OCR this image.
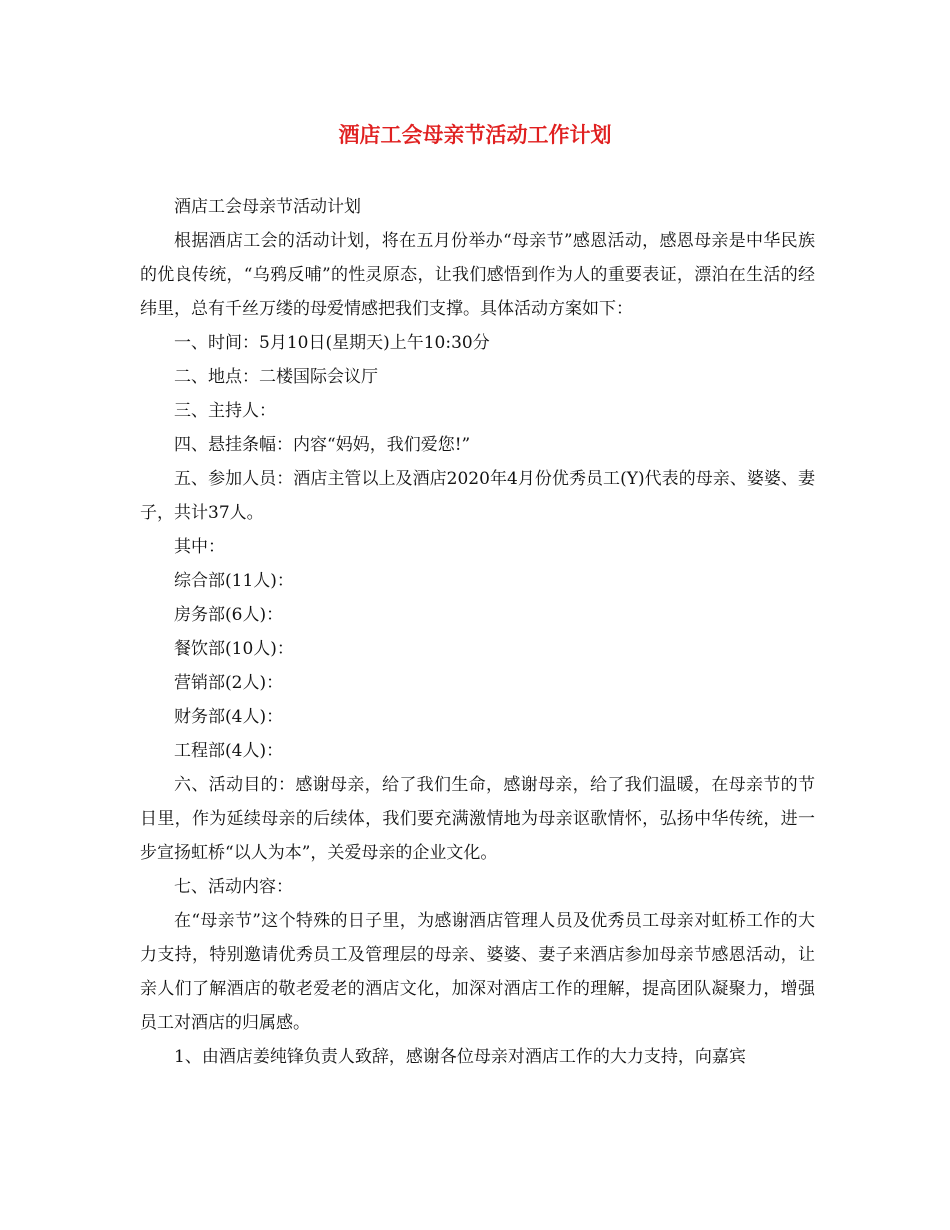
酒店工会母亲节活动工作计划

酒店工会母亲节活动计划

根据酒店工会的活动计划，将在五月份举办“母亲节”感恩活动，感恩母亲是中华民族的优良传统，“乌鸦反哺”的性灵原态，让我们感悟到作为人的重要表证，漂泊在生活的经纬里，总有千丝万缕的母爱情感把我们支撑。具体活动方案如下：

一、时间：5月10日(星期天)上午10:30分

二、地点：二楼国际会议厅

三、主持人：

四、悬挂条幅：内容“妈妈，我们爱您!”

五、参加人员：酒店主管以上及酒店2020年4月份优秀员工(Y)代表的母亲、婆婆、妻子，共计37人。

其中：

综合部(11人)：

房务部(6人)：

餐饮部(10人)：

营销部(2人)：

财务部(4人)：

工程部(4人)：

六、活动目的：感谢母亲，给了我们生命，感谢母亲，给了我们温暖，在母亲节的节日里，作为延续母亲的后续体，我们要充满激情地为母亲讴歌情怀，弘扬中华传统，进一步宣扬虹桥“以人为本”，关爱母亲的企业文化。

七、活动内容：

在“母亲节”这个特殊的日子里，为感谢酒店管理人员及优秀员工母亲对虹桥工作的大力支持，特别邀请优秀员工及管理层的母亲、婆婆、妻子来酒店参加母亲节感恩活动，让亲人们了解酒店的敬老爱老的酒店文化，加深对酒店工作的理解，提高团队凝聚力，增强员工对酒店的归属感。

1、由酒店姜纯锋负责人致辞，感谢各位母亲对酒店工作的大力支持，向嘉宾
